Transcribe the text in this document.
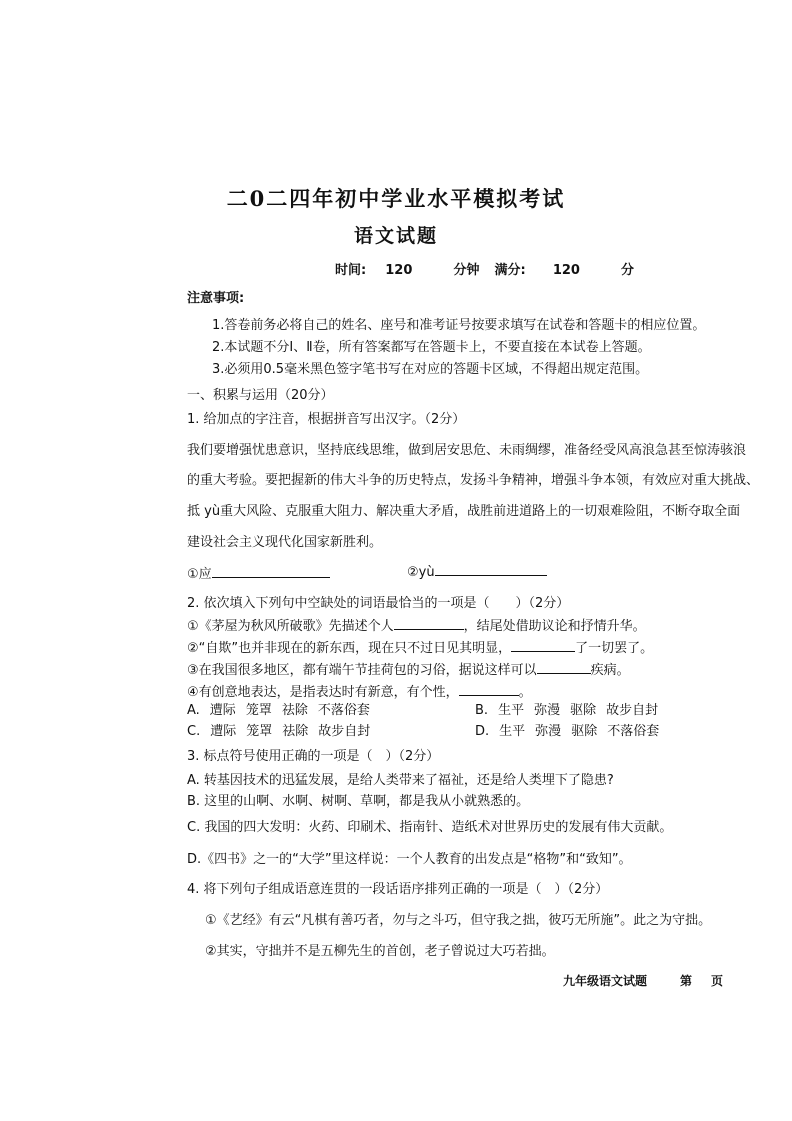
二0二四年初中学业水平模拟考试
语文试题
时间: 120	分钟 满分: 120	分
注意事项:
1.答卷前务必将自己的姓名、座号和准考证号按要求填写在试卷和答题卡的相应位置。
2.本试题不分Ⅰ、Ⅱ卷，所有答案都写在答题卡上，不要直接在本试卷上答题。
3.必须用0.5毫米黑色签字笔书写在对应的答题卡区域，不得超出规定范围。
一、积累与运用（20分）
1. 给加点的字注音，根据拼音写出汉字。（2分）
我们要增强忧患意识，坚持底线思维，做到居安思危、未雨绸缪，准备经受风高浪急甚至惊涛骇浪
的重大考验。要把握新的伟大斗争的历史特点，发扬斗争精神，增强斗争本领，有效应对重大挑战、
抵 yù重大风险、克服重大阻力、解决重大矛盾，战胜前进道路上的一切艰难险阻，不断夺取全面
建设社会主义现代化国家新胜利。
①应	②yù
2. 依次填入下列句中空缺处的词语最恰当的一项是（　　）（2分）
①《茅屋为秋风所破歌》先描述个人	，结尾处借助议论和抒情升华。
②“自欺”也并非现在的新东西，现在只不过日见其明显，	了一切罢了。
③在我国很多地区，都有端午节挂荷包的习俗，据说这样可以	疾病。
④有创意地表达，是指表达时有新意，有个性，	。
A. 遭际 笼罩 祛除 不落俗套	B. 生平 弥漫 驱除 故步自封
C. 遭际 笼罩 祛除 故步自封	D. 生平 弥漫 驱除 不落俗套
3. 标点符号使用正确的一项是（　）（2分）
A. 转基因技术的迅猛发展，是给人类带来了福祉，还是给人类埋下了隐患?
B. 这里的山啊、水啊、树啊、草啊，都是我从小就熟悉的。
C. 我国的四大发明：火药、印刷术、指南针、造纸术对世界历史的发展有伟大贡献。
D.《四书》之一的“大学”里这样说：一个人教育的出发点是“格物”和“致知”。
4. 将下列句子组成语意连贯的一段话语序排列正确的一项是（　）（2分）
①《艺经》有云“凡棋有善巧者，勿与之斗巧，但守我之拙，彼巧无所施”。此之为守拙。
②其实，守拙并不是五柳先生的首创，老子曾说过大巧若拙。
九年级语文试题	第 页
